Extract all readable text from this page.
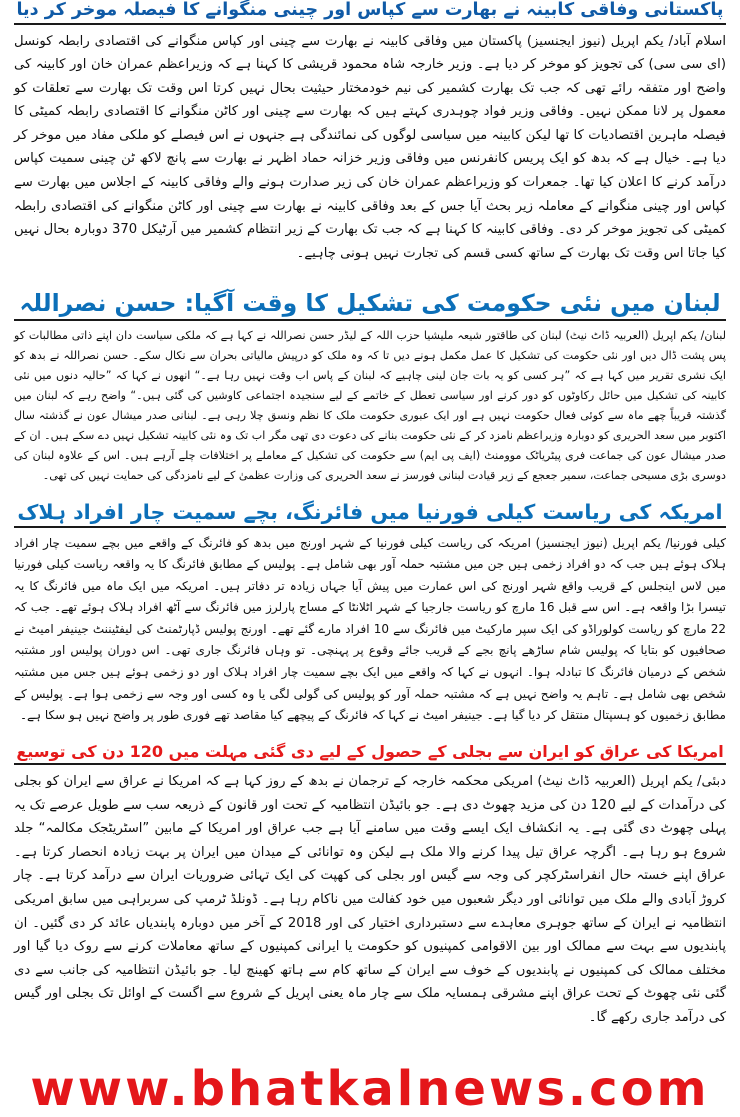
پاکستانی وفاقی کابینہ نے بھارت سے کپاس اور چینی منگوانے کا فیصلہ موخر کر دیا
اسلام آباد/ یکم اپریل (نیوز ایجنسیز) پاکستان میں وفاقی کابینہ نے بھارت سے چینی اور کپاس منگوانے کی اقتصادی رابطہ کونسل (ای سی سی) کی تجویز کو موخر کر دیا ہے۔ وزیر خارجہ شاہ محمود قریشی کا کہنا ہے کہ وزیراعظم عمران خان اور کابینہ کی واضح اور متفقہ رائے تھی کہ جب تک بھارت کشمیر کی نیم خودمختار حیثیت بحال نہیں کرتا اس وقت تک بھارت سے تعلقات کو معمول پر لانا ممکن نہیں۔ وفاقی وزیر فواد چوہدری کہتے ہیں کہ بھارت سے چینی اور کاٹن منگوانے کا اقتصادی رابطہ کمیٹی کا فیصلہ ماہرین اقتصادیات کا تھا لیکن کابینہ میں سیاسی لوگوں کی نمائندگی ہے جنہوں نے اس فیصلے کو ملکی مفاد میں موخر کر دیا ہے۔ خیال ہے کہ بدھ کو ایک پریس کانفرنس میں وفاقی وزیر خزانہ حماد اظہر نے بھارت سے پانچ لاکھ ٹن چینی سمیت کپاس درآمد کرنے کا اعلان کیا تھا۔ جمعرات کو وزیراعظم عمران خان کی زیر صدارت ہونے والے وفاقی کابینہ کے اجلاس میں بھارت سے کپاس اور چینی منگوانے کے معاملہ زیر بحث آیا جس کے بعد وفاقی کابینہ نے بھارت سے چینی اور کاٹن منگوانے کی اقتصادی رابطہ کمیٹی کی تجویز موخر کر دی۔ وفاقی کابینہ کا کہنا ہے کہ جب تک بھارت کے زیر انتظام کشمیر میں آرٹیکل 370 دوبارہ بحال نہیں کیا جاتا اس وقت تک بھارت کے ساتھ کسی قسم کی تجارت نہیں ہونی چاہیے۔
لبنان میں نئی حکومت کی تشکیل کا وقت آگیا: حسن نصراللہ
لبنان/ یکم اپریل (العربیہ ڈاٹ نیٹ) لبنان کی طاقتور شیعہ ملیشیا حزب اللہ کے لیڈر حسن نصراللہ نے کہا ہے کہ ملکی سیاست دان اپنے ذاتی مطالبات کو پس پشت ڈال دیں اور نئی حکومت کی تشکیل کا عمل مکمل ہونے دیں تا کہ وہ ملک کو درپیش مالیاتی بحران سے نکال سکے۔ حسن نصراللہ نے بدھ کو ایک نشری تقریر میں کہا ہے کہ ”ہر کسی کو یہ بات جان لینی چاہیے کہ لبنان کے پاس اب وقت نہیں رہا ہے۔“ انھوں نے کہا کہ ”حالیہ دنوں میں نئی کابینہ کی تشکیل میں حائل رکاوٹوں کو دور کرنے اور سیاسی تعطل کے خاتمے کے لیے سنجیدہ اجتماعی کاوشیں کی گئی ہیں۔“ واضح رہے کہ لبنان میں گذشتہ قریباً چھے ماہ سے کوئی فعال حکومت نہیں ہے اور ایک عبوری حکومت ملک کا نظم ونسق چلا رہی ہے۔ لبنانی صدر میشال عون نے گذشتہ سال اکتوبر میں سعد الحریری کو دوبارہ وزیراعظم نامزد کر کے نئی حکومت بنانے کی دعوت دی تھی مگر اب تک وہ نئی کابینہ تشکیل نہیں دے سکے ہیں۔ ان کے صدر میشال عون کی جماعت فری پیٹریاٹک موومنٹ (ایف پی ایم) سے حکومت کی تشکیل کے معاملے پر اختلافات چلے آرہے ہیں۔ اس کے علاوہ لبنان کی دوسری بڑی مسیحی جماعت، سمیر جعجع کے زیر قیادت لبنانی فورسز نے سعد الحریری کی وزارت عظمیٰ کے لیے نامزدگی کی حمایت نہیں کی تھی۔
امریکہ کی ریاست کیلی فورنیا میں فائرنگ، بچے سمیت چار افراد ہلاک
کیلی فورنیا/ یکم اپریل (نیوز ایجنسیز) امریکہ کی ریاست کیلی فورنیا کے شہر اورنج میں بدھ کو فائرنگ کے واقعے میں بچے سمیت چار افراد ہلاک ہوئے ہیں جب کہ دو افراد زخمی ہیں جن میں مشتبہ حملہ آور بھی شامل ہے۔ پولیس کے مطابق فائرنگ کا یہ واقعہ ریاست کیلی فورنیا میں لاس اینجلس کے قریب واقع شہر اورنج کی اس عمارت میں پیش آیا جہاں زیادہ تر دفاتر ہیں۔ امریکہ میں ایک ماہ میں فائرنگ کا یہ تیسرا بڑا واقعہ ہے۔ اس سے قبل 16 مارچ کو ریاست جارجیا کے شہر اٹلانٹا کے مساج پارلرز میں فائرنگ سے آٹھ افراد ہلاک ہوئے تھے۔ جب کہ 22 مارچ کو ریاست کولوراڈو کی ایک سپر مارکیٹ میں فائرنگ سے 10 افراد مارے گئے تھے۔ اورنج پولیس ڈپارٹمنٹ کی لیفٹیننٹ جینیفر امیٹ نے صحافیوں کو بتایا کہ پولیس شام ساڑھے پانچ بجے کے قریب جائے وقوع پر پہنچی۔ تو وہاں فائرنگ جاری تھی۔ اس دوران پولیس اور مشتبہ شخص کے درمیان فائرنگ کا تبادلہ ہوا۔ انہوں نے کہا کہ واقعے میں ایک بچے سمیت چار افراد ہلاک اور دو زخمی ہوئے ہیں جس میں مشتبہ شخص بھی شامل ہے۔ تاہم یہ واضح نہیں ہے کہ مشتبہ حملہ آور کو پولیس کی گولی لگی یا وہ کسی اور وجہ سے زخمی ہوا ہے۔ پولیس کے مطابق زخمیوں کو ہسپتال منتقل کر دیا گیا ہے۔ جینیفر امیٹ نے کہا کہ فائرنگ کے پیچھے کیا مقاصد تھے فوری طور پر واضح نہیں ہو سکا ہے۔
امریکا کی عراق کو ایران سے بجلی کے حصول کے لیے دی گئی مہلت میں 120 دن کی توسیع
دبئی/ یکم اپریل (العربیہ ڈاٹ نیٹ) امریکی محکمہ خارجہ کے ترجمان نے بدھ کے روز کہا ہے کہ امریکا نے عراق سے ایران کو بجلی کی درآمدات کے لیے 120 دن کی مزید چھوٹ دی ہے۔ جو بائیڈن انتظامیہ کے تحت اور قانون کے ذریعہ سب سے طویل عرصے تک یہ پہلی چھوٹ دی گئی ہے۔ یہ انکشاف ایک ایسے وقت میں سامنے آیا ہے جب عراق اور امریکا کے مابین ”اسٹریٹجک مکالمہ“ جلد شروع ہو رہا ہے۔ اگرچہ عراق تیل پیدا کرنے والا ملک ہے لیکن وہ توانائی کے میدان میں ایران پر بہت زیادہ انحصار کرتا ہے۔ عراق اپنے خستہ حال انفراسٹرکچر کی وجہ سے گیس اور بجلی کی کھپت کی ایک تہائی ضروریات ایران سے درآمد کرتا ہے۔ چار کروڑ آبادی والے ملک میں توانائی اور دیگر شعبوں میں خود کفالت میں ناکام رہا ہے۔ ڈونلڈ ٹرمپ کی سربراہی میں سابق امریکی انتظامیہ نے ایران کے ساتھ جوہری معاہدے سے دستبرداری اختیار کی اور 2018 کے آخر میں دوبارہ پابندیاں عائد کر دی گئیں۔ ان پابندیوں سے بہت سے ممالک اور بین الاقوامی کمپنیوں کو حکومت یا ایرانی کمپنیوں کے ساتھ معاملات کرنے سے روک دیا گیا اور مختلف ممالک کی کمپنیوں نے پابندیوں کے خوف سے ایران کے ساتھ کام سے ہاتھ کھینچ لیا۔ جو بائیڈن انتظامیہ کی جانب سے دی گئی نئی چھوٹ کے تحت عراق اپنے مشرقی ہمسایہ ملک سے چار ماہ یعنی اپریل کے شروع سے اگست کے اوائل تک بجلی اور گیس کی درآمد جاری رکھے گا۔
www.bhatkalnews.com
